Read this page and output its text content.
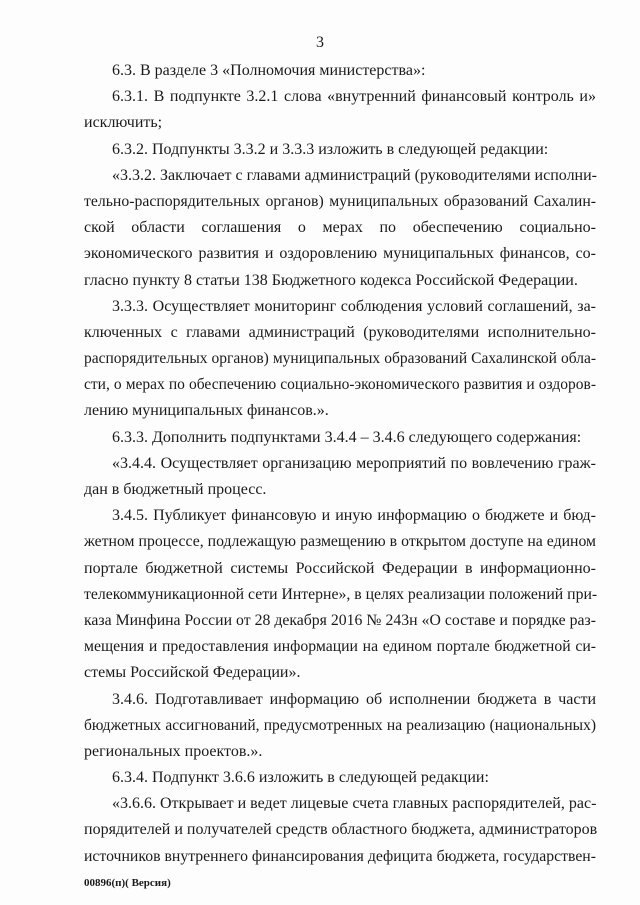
3
6.3. В разделе 3 «Полномочия министерства»:
6.3.1. В подпункте 3.2.1 слова «внутренний финансовый контроль и»
исключить;
6.3.2. Подпункты 3.3.2 и 3.3.3 изложить в следующей редакции:
«3.3.2. Заключает с главами администраций (руководителями исполни-
тельно-распорядительных органов) муниципальных образований Сахалин-
ской области соглашения о мерах по обеспечению социально-
экономического развития и оздоровлению муниципальных финансов, со-
гласно пункту 8 статьи 138 Бюджетного кодекса Российской Федерации.
3.3.3. Осуществляет мониторинг соблюдения условий соглашений, за-
ключенных с главами администраций (руководителями исполнительно-
распорядительных органов) муниципальных образований Сахалинской обла-
сти, о мерах по обеспечению социально-экономического развития и оздоров-
лению муниципальных финансов.».
6.3.3. Дополнить подпунктами 3.4.4 – 3.4.6 следующего содержания:
«3.4.4. Осуществляет организацию мероприятий по вовлечению граж-
дан в бюджетный процесс.
3.4.5. Публикует финансовую и иную информацию о бюджете и бюд-
жетном процессе, подлежащую размещению в открытом доступе на едином
портале бюджетной системы Российской Федерации в информационно-
телекоммуникационной сети Интерне», в целях реализации положений при-
каза Минфина России от 28 декабря 2016 № 243н «О составе и порядке раз-
мещения и предоставления информации на едином портале бюджетной си-
стемы Российской Федерации».
3.4.6. Подготавливает информацию об исполнении бюджета в части
бюджетных ассигнований, предусмотренных на реализацию (национальных)
региональных проектов.».
6.3.4. Подпункт 3.6.6 изложить в следующей редакции:
«3.6.6. Открывает и ведет лицевые счета главных распорядителей, рас-
порядителей и получателей средств областного бюджета, администраторов
источников внутреннего финансирования дефицита бюджета, государствен-
00896(п)( Версия)
